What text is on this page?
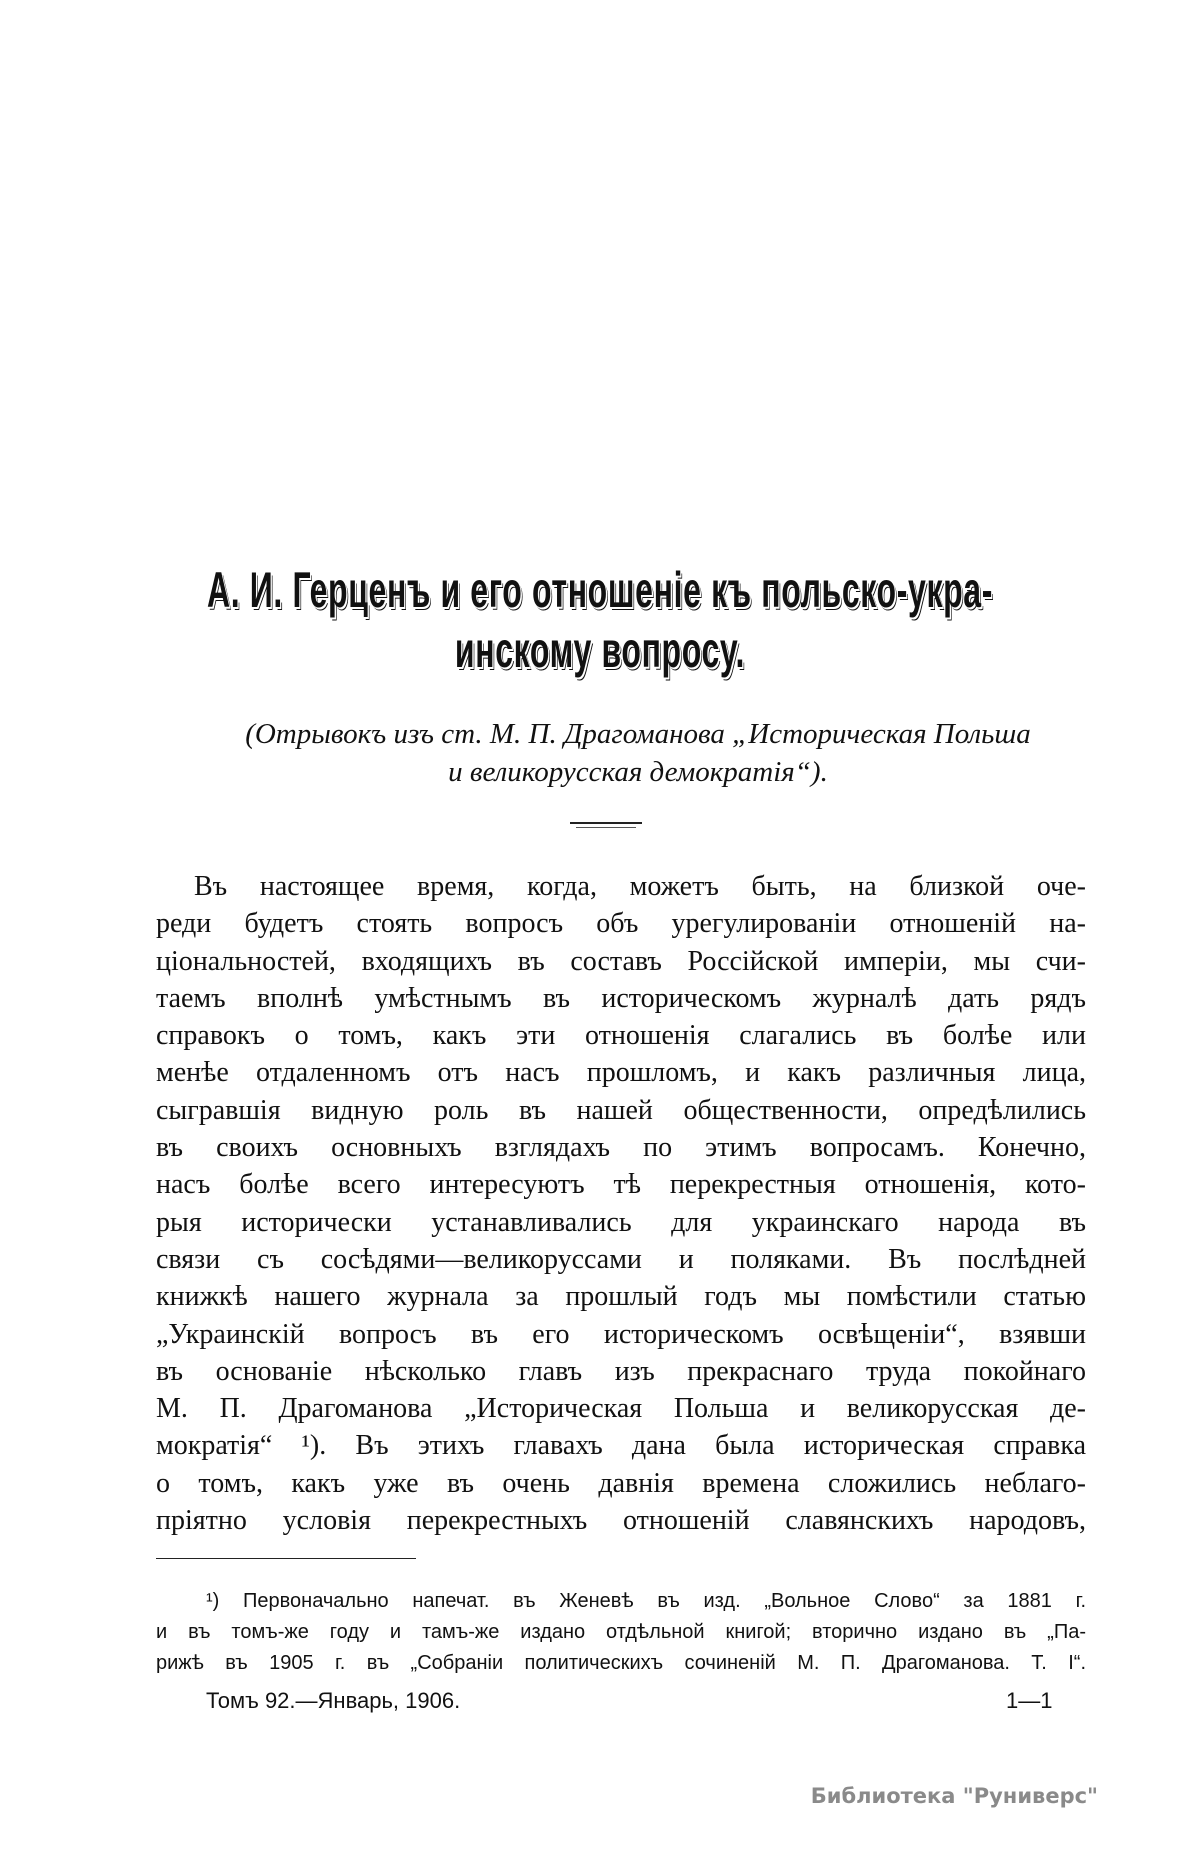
А. И. Герценъ и его отношеніе къ польско-укра-
инскому вопросу.
(Отрывокъ изъ ст. М. П. Драгоманова „Историческая Польша
и великорусская демократія“).
Въ настоящее время, когда, можетъ быть, на близкой оче-
реди будетъ стоять вопросъ объ урегулированіи отношеній на-
ціональностей, входящихъ въ составъ Россійской имперіи, мы счи-
таемъ вполнѣ умѣстнымъ въ историческомъ журналѣ дать рядъ
справокъ о томъ, какъ эти отношенія слагались въ болѣе или
менѣе отдаленномъ отъ насъ прошломъ, и какъ различныя лица,
сыгравшія видную роль въ нашей общественности, опредѣлились
въ своихъ основныхъ взглядахъ по этимъ вопросамъ. Конечно,
насъ болѣе всего интересуютъ тѣ перекрестныя отношенія, кото-
рыя исторически устанавливались для украинскаго народа въ
связи съ сосѣдями—великоруссами и поляками. Въ послѣдней
книжкѣ нашего журнала за прошлый годъ мы помѣстили статью
„Украинскій вопросъ въ его историческомъ освѣщеніи“, взявши
въ основаніе нѣсколько главъ изъ прекраснаго труда покойнаго
М. П. Драгоманова „Историческая Польша и великорусская де-
мократія“ ¹). Въ этихъ главахъ дана была историческая справка
о томъ, какъ уже въ очень давнія времена сложились неблаго-
пріятно условія перекрестныхъ отношеній славянскихъ народовъ,
¹) Первоначально напечат. въ Женевѣ въ изд. „Вольное Слово“ за 1881 г.
и въ томъ-же году и тамъ-же издано отдѣльной книгой; вторично издано въ „Па-
рижѣ въ 1905 г. въ „Собраніи политическихъ сочиненій М. П. Драгоманова. Т. I“.
Томъ 92.—Январь, 1906.	1—1
Библиотека "Руниверс"
